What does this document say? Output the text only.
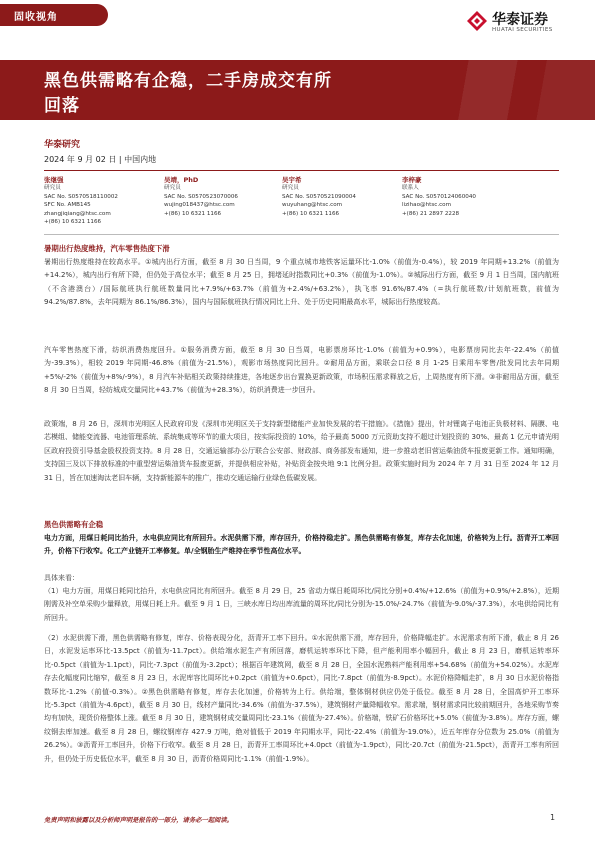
固收视角	华泰证券
HUATAI SECURITIES
黑色供需略有企稳，二手房成交有所
回落
华泰研究
2024 年 9 月 02 日 | 中国内地
张继强
研究员
SAC No. S0570518110002
SFC No. AMB145
zhangjiqiang@htsc.com
+(86) 10 6321 1166
吴靖，PhD
研究员
SAC No. S0570523070006
wujing018437@htsc.com
+(86) 10 6321 1166
吴宇希
研究员
SAC No. S0570521090004
wuyuhang@htsc.com
+(86) 10 6321 1166
李梓豪
联系人
SAC No. S0570124060040
lizihao@htsc.com
+(86) 21 2897 2228
暑期出行热度维持，汽车零售热度下滑

暑期出行热度维持在较高水平。①城内出行方面，截至 8 月 30 日当周，9 个重点城市地铁客运量环比-1.0%（前值为-0.4%），较 2019 年同期+13.2%（前值为+14.2%），城内出行有所下降，但仍处于高位水平；截至 8 月 25 日，拥堵延时指数同比+0.3%（前值为-1.0%）。②城际出行方面，截至 9 月 1 日当周，国内航班（不含港澳台）/国际航班执行航班数量同比+7.9%/+63.7%（前值为+2.4%/+63.2%），执飞率 91.6%/87.4%（=执行航班数/计划航班数，前值为94.2%/87.8%，去年同期为 86.1%/86.3%），国内与国际航班执行情况同比上升、处于历史同期最高水平，城际出行热度较高。

汽车零售热度下滑，纺织消费热度回升。①服务消费方面，截至 8 月 30 日当周，电影票房环比-1.0%（前值为+0.9%），电影票房同比去年-22.4%（前值为-39.3%），相较 2019 年同期-46.8%（前值为-21.5%），观影市场热度同比回升。②耐用品方面，乘联会口径 8 月 1-25 日乘用车零售/批发同比去年同期+5%/-2%（前值为+8%/-9%），8 月汽车补贴相关政策持续推进，各地逐步出台置换更新政策，市场积压需求释放之后，上周热度有所下滑。③非耐用品方面，截至 8 月 30 日当周，轻纺城成交量同比+43.7%（前值为+28.3%），纺织消费进一步回升。

政策端，8 月 26 日，深圳市光明区人民政府印发《深圳市光明区关于支持新型储能产业加快发展的若干措施》。《措施》提出，针对锂离子电池正负极材料、隔膜、电芯模组、储能变流器、电池管理系统、系统集成等环节的重大项目，按实际投资的 10%，给予最高 5000 万元资助支持不超过计划投资的 30%、最高 1 亿元申请光明区政府投资引导基金股权投资支持。8 月 28 日，交通运输部办公厅联合公安部、财政部、商务部发布通知，进一步推动老旧营运柴油货车报废更新工作。通知明确，支持国三及以下排放标准的中重型营运柴油货车报废更新，并提供相应补贴，补贴资金按央地 9:1 比例分担。政策实施时间为 2024 年 7 月 31 日至 2024 年 12 月 31 日，旨在加速淘汰老旧车辆，支持新能源车的推广，推动交通运输行业绿色低碳发展。

黑色供需略有企稳

电力方面，用煤日耗同比抬升，水电供应同比有所回升。水泥供需下滑，库存回升，价格持稳走扩。黑色供需略有修复，库存去化加速，价格转为上行。沥青开工率回升，价格下行收窄。化工产业链开工率修复。单/全钢胎生产维持在季节性高位水平。

具体来看：

（1）电力方面，用煤日耗同比抬升，水电供应同比有所回升。截至 8 月 29 日，25 省动力煤日耗周环比/同比分别+0.4%/+12.6%（前值为+0.9%/+2.8%），近期刚需及补空单采购少量释放，用煤日耗上升。截至 9 月 1 日，三峡水库日均出库流量的周环比/同比分别为-15.0%/-24.7%（前值为-9.0%/-37.3%），水电供给同比有所回升。

（2）水泥供需下滑，黑色供需略有修复，库存、价格表现分化，沥青开工率下回升。①水泥供需下滑，库存回升，价格降幅走扩。水泥需求有所下滑，截止 8 月 26 日，水泥发运率环比-13.5pct（前值为-11.7pct）。供给端水泥生产有所回落，磨机运转率环比下降，但产能利用率小幅回升，截止 8 月 23 日，磨机运转率环比-0.5pct（前值为-1.1pct），同比-7.3pct（前值为-3.2pct）；根据百年建筑网，截至 8 月 28 日，全国水泥熟料产能利用率+54.68%（前值为+54.02%）。水泥库存去化幅度同比缩窄，截至 8 月 23 日，水泥库容比周环比+0.2pct（前值为+0.6pct），同比-7.8pct（前值为-8.9pct）。水泥价格降幅走扩，8 月 30 日水泥价格指数环比-1.2%（前值-0.3%）。②黑色供需略有修复，库存去化加速，价格转为上行。供给端，整体钢材供应仍处于低位。截至 8 月 28 日，全国高炉开工率环比-5.3pct（前值为-4.6pct），截至 8 月 30 日，线材产量同比-34.6%（前值为-37.5%），建筑钢材产量降幅收窄。需求端，钢材需求同比较前期回升，各地采购节奏均有加快，现货价格整体上涨。截至 8 月 30 日，建筑钢材成交量周同比-23.1%（前值为-27.4%）。价格端，铁矿石价格环比+5.0%（前值为-3.8%）。库存方面，螺纹钢去库加速。截至 8 月 28 日，螺纹钢库存 427.9 万吨，绝对值低于 2019 年同期水平，同比-22.4%（前值为-19.0%），近五年库存分位数为 25.0%（前值为 26.2%）。③沥青开工率回升，价格下行收窄。截至 8 月 28 日，沥青开工率周环比+4.0pct（前值为-1.9pct），同比-20.7ct（前值为-21.5pct），沥青开工率有所回升，但仍处于历史低位水平，截至 8 月 30 日，沥青价格周同比-1.1%（前值-1.9%）。

免责声明和披露以及分析师声明是报告的一部分，请务必一起阅读。	1
